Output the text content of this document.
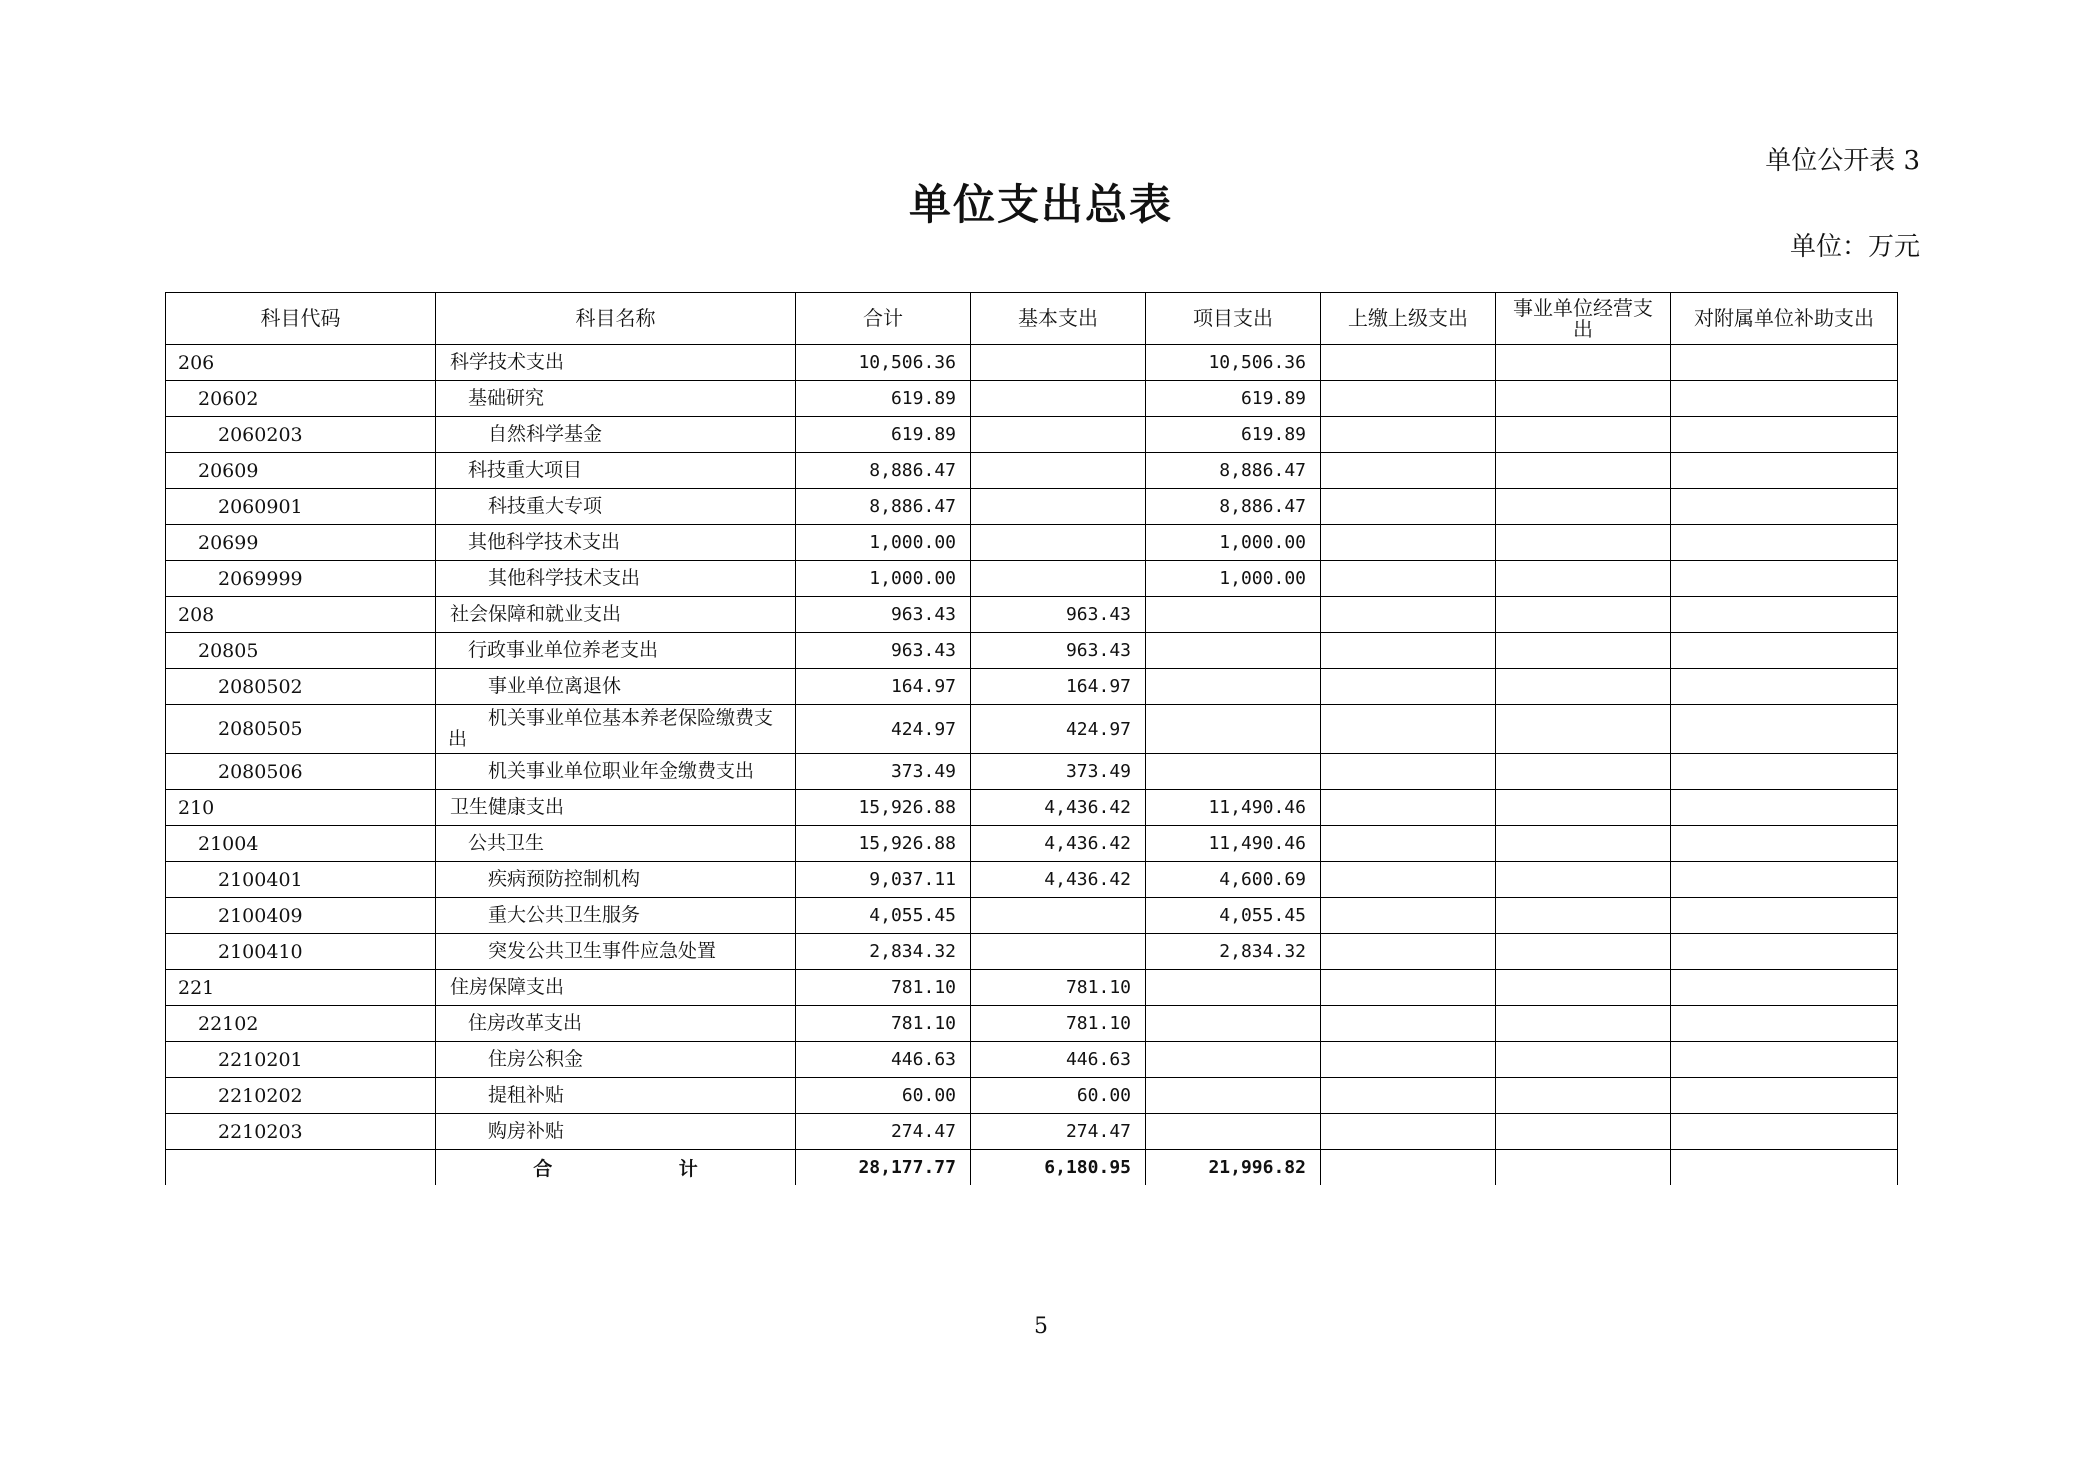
单位公开表 3
单位支出总表
单位：万元
科目代码	科目名称	合计	基本支出	项目支出	上缴上级支出	事业单位经营支出	对附属单位补助支出
206	科学技术支出	10,506.36		10,506.36			
20602	基础研究	619.89		619.89			
2060203	自然科学基金	619.89		619.89			
20609	科技重大项目	8,886.47		8,886.47			
2060901	科技重大专项	8,886.47		8,886.47			
20699	其他科学技术支出	1,000.00		1,000.00			
2069999	其他科学技术支出	1,000.00		1,000.00			
208	社会保障和就业支出	963.43	963.43				
20805	行政事业单位养老支出	963.43	963.43				
2080502	事业单位离退休	164.97	164.97				
2080505	机关事业单位基本养老保险缴费支出	424.97	424.97				
2080506	机关事业单位职业年金缴费支出	373.49	373.49				
210	卫生健康支出	15,926.88	4,436.42	11,490.46			
21004	公共卫生	15,926.88	4,436.42	11,490.46			
2100401	疾病预防控制机构	9,037.11	4,436.42	4,600.69			
2100409	重大公共卫生服务	4,055.45		4,055.45			
2100410	突发公共卫生事件应急处置	2,834.32		2,834.32			
221	住房保障支出	781.10	781.10				
22102	住房改革支出	781.10	781.10				
2210201	住房公积金	446.63	446.63				
2210202	提租补贴	60.00	60.00				
2210203	购房补贴	274.47	274.47				
	合 计	28,177.77	6,180.95	21,996.82			
5
